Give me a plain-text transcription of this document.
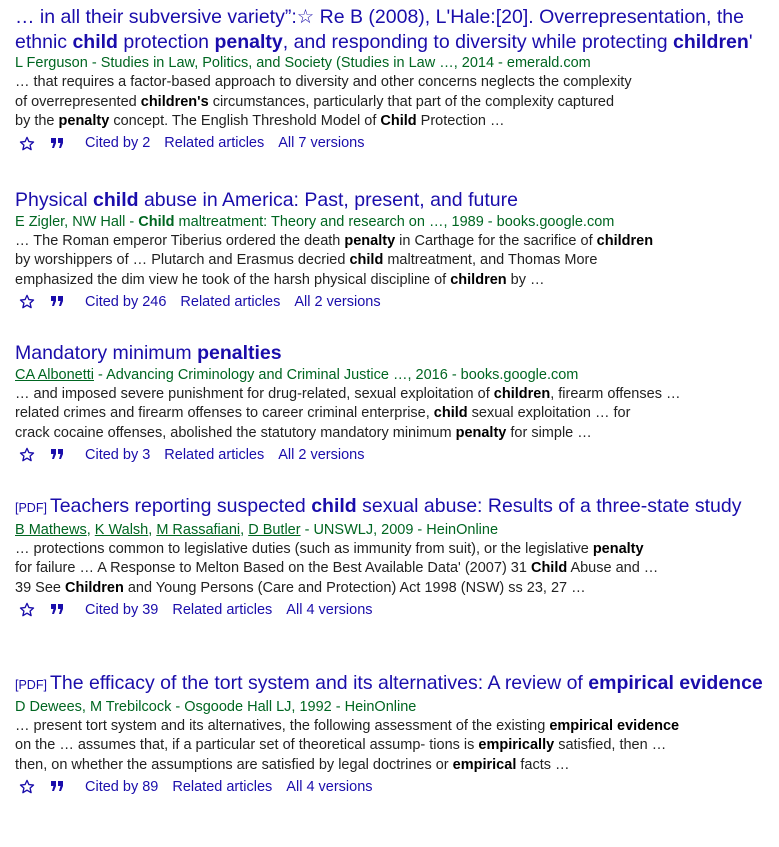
… in all their subversive variety”:☆ Re B (2008), L'Hale:[20]. Overrepresentation, the ethnic child protection penalty, and responding to diversity while protecting children'
L Ferguson - Studies in Law, Politics, and Society (Studies in Law …, 2014 - emerald.com
… that requires a factor-based approach to diversity and other concerns neglects the complexity
of overrepresented children's circumstances, particularly that part of the complexity captured
by the penalty concept. The English Threshold Model of Child Protection …
Cited by 2 Related articles All 7 versions
Physical child abuse in America: Past, present, and future
E Zigler, NW Hall - Child maltreatment: Theory and research on …, 1989 - books.google.com
… The Roman emperor Tiberius ordered the death penalty in Carthage for the sacrifice of children
by worshippers of … Plutarch and Erasmus decried child maltreatment, and Thomas More
emphasized the dim view he took of the harsh physical discipline of children by …
Cited by 246 Related articles All 2 versions
Mandatory minimum penalties
CA Albonetti - Advancing Criminology and Criminal Justice …, 2016 - books.google.com
… and imposed severe punishment for drug-related, sexual exploitation of children, firearm offenses …
related crimes and firearm offenses to career criminal enterprise, child sexual exploitation … for
crack cocaine offenses, abolished the statutory mandatory minimum penalty for simple …
Cited by 3 Related articles All 2 versions
[PDF] Teachers reporting suspected child sexual abuse: Results of a three-state study
B Mathews, K Walsh, M Rassafiani, D Butler - UNSWLJ, 2009 - HeinOnline
… protections common to legislative duties (such as immunity from suit), or the legislative penalty
for failure … A Response to Melton Based on the Best Available Data' (2007) 31 Child Abuse and …
39 See Children and Young Persons (Care and Protection) Act 1998 (NSW) ss 23, 27 …
Cited by 39 Related articles All 4 versions
[PDF] The efficacy of the tort system and its alternatives: A review of empirical evidence
D Dewees, M Trebilcock - Osgoode Hall LJ, 1992 - HeinOnline
… present tort system and its alternatives, the following assessment of the existing empirical evidence
on the … assumes that, if a particular set of theoretical assump- tions is empirically satisfied, then …
then, on whether the assumptions are satisfied by legal doctrines or empirical facts …
Cited by 89 Related articles All 4 versions
